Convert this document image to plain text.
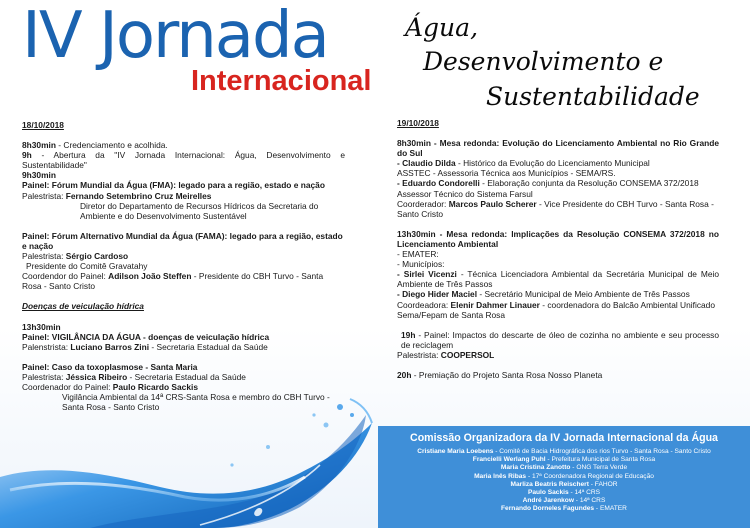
IV Jornada
Internacional
Água,
Desenvolvimento e
Sustentabilidade

18/10/2018

8h30min - Credenciamento e acolhida.

9h - Abertura da "IV Jornada Internacional: Água, Desenvolvimento e Sustentabilidade"

9h30min

Painel: Fórum Mundial da Água (FMA): legado para a região, estado e nação

Palestrista: Fernando Setembrino Cruz Meirelles

Diretor do Departamento de Recursos Hídricos da Secretaria do Ambiente e do Desenvolvimento Sustentável

Painel: Fórum Alternativo Mundial da Água (FAMA): legado para a região, estado e nação

Palestrista: Sérgio Cardoso

Presidente do Comitê Gravatahy

Coordendor do Painel: Adilson João Steffen - Presidente do CBH Turvo - Santa Rosa - Santo Cristo

Doenças de veiculação hídrica

13h30min

Painel: VIGILÂNCIA DA ÁGUA - doenças de veiculação hídrica

Palenstrista: Luciano Barros Zini - Secretaria Estadual da Saúde

Painel: Caso da toxoplasmose - Santa Maria

Palestrista: Jéssica Ribeiro - Secretaria Estadual da Saúde

Coordenador do Painel: Paulo Ricardo Sackis

Vigilância Ambiental da 14ª CRS-Santa Rosa e membro do CBH Turvo - Santa Rosa - Santo Cristo

19/10/2018

8h30min - Mesa redonda: Evolução do Licenciamento Ambiental no Rio Grande do Sul

- Claudio Dilda - Histórico da Evolução do Licenciamento Municipal

ASSTEC - Assessoria Técnica aos Municípios - SEMA/RS.

- Eduardo Condorelli - Elaboração conjunta da Resolução CONSEMA 372/2018

Assessor Técnico do Sistema Farsul

Coorderador: Marcos Paulo Scherer - Vice Presidente do CBH Turvo - Santa Rosa - Santo Cristo

13h30min - Mesa redonda: Implicações da Resolução CONSEMA 372/2018 no Licenciamento Ambiental

- EMATER:

- Municípios:

- Sirlei Vicenzi - Técnica Licenciadora Ambiental da Secretária Municipal de Meio Ambiente de Três Passos

- Diego Hider Maciel - Secretário Municipal de Meio Ambiente de Três Passos

Coordeadora: Elenir Dahmer Linauer - coordenadora do Balcão Ambiental Unificado Sema/Fepam de Santa Rosa

19h - Painel: Impactos do descarte de óleo de cozinha no ambiente e seu processo de reciclagem

Palestrista: COOPERSOL

20h - Premiação do Projeto Santa Rosa Nosso Planeta

Comissão Organizadora da IV Jornada Internacional da Água
Cristiane Maria Loebens - Comitê de Bacia Hidrográfica dos rios Turvo - Santa Rosa - Santo Cristo
Francielli Werlang Puhl - Prefeitura Municipal de Santa Rosa
Maria Cristina Zanotto - ONG Terra Verde
Maria Inês Ribas - 17ª Coordenadora Regional de Educação
Marliza Beatris Reischert - FAHOR
Paulo Sackis - 14ª CRS
André Jarenkow - 14ª CRS
Fernando Dorneles Fagundes - EMATER
